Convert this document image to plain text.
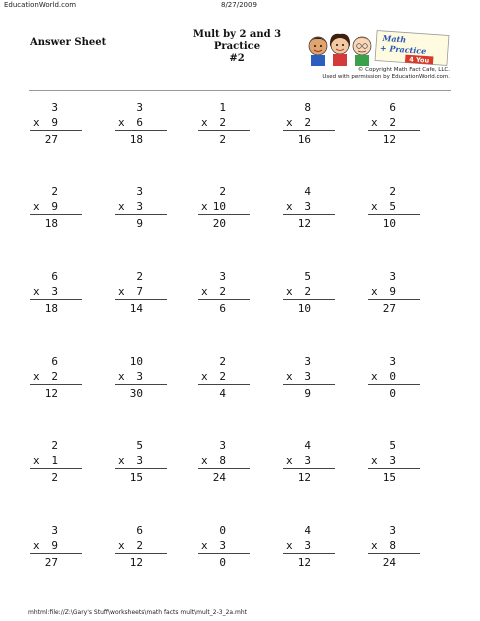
EducationWorld.com	8/27/2009
Answer Sheet
Mult by 2 and 3 Practice
#2
Math
+ Practice
4 You
© Copyright Math Fact Cafe, LLC.
Used with permission by EducationWorld.com.
3
x 9
27
3
x 6
18
1
x 2
2
8
x 2
16
6
x 2
12
2
x 9
18
3
x 3
9
2
x 10
20
4
x 3
12
2
x 5
10
6
x 3
18
2
x 7
14
3
x 2
6
5
x 2
10
3
x 9
27
6
x 2
12
10
x 3
30
2
x 2
4
3
x 3
9
3
x 0
0
2
x 1
2
5
x 3
15
3
x 8
24
4
x 3
12
5
x 3
15
3
x 9
27
6
x 2
12
0
x 3
0
4
x 3
12
3
x 8
24
mhtml:file://Z:\Gary's Stuff\worksheets\math facts mult\mult_2-3_2a.mht
